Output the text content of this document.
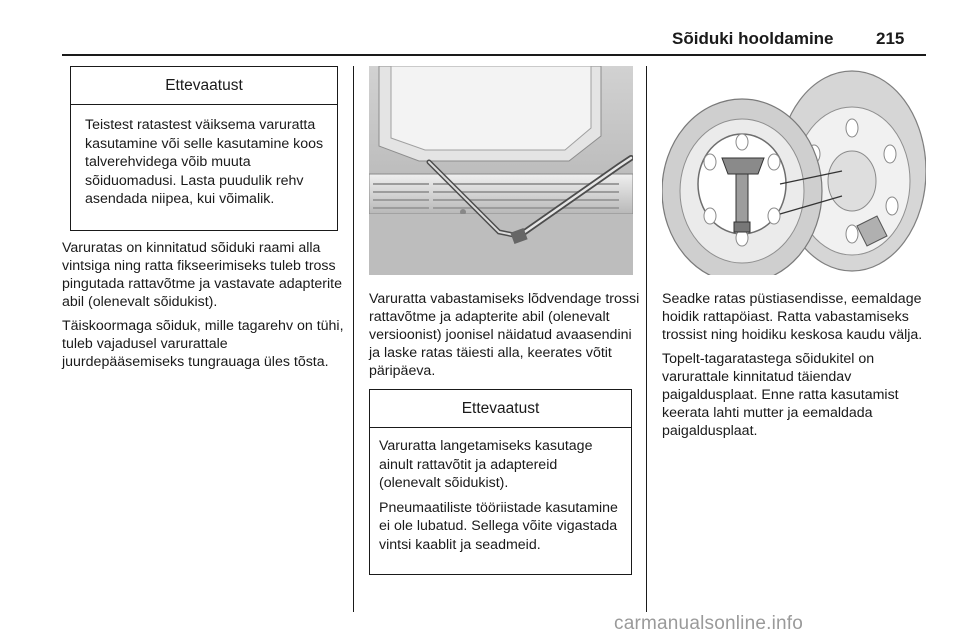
Sõiduki hooldamine 215
Ettevaatust

Teistest ratastest väiksema varuratta kasutamine või selle kasutamine koos talverehvidega võib muuta sõiduomadusi. Lasta puudulik rehv asendada niipea, kui võimalik.

Varuratas on kinnitatud sõiduki raami alla vintsiga ning ratta fikseerimiseks tuleb tross pingutada rattavõtme ja vastavate adapterite abil (olenevalt sõidukist).

Täiskoormaga sõiduk, mille tagarehv on tühi, tuleb vajadusel varurattale juurdepääsemiseks tungrauaga üles tõsta.

Varuratta vabastamiseks lõdvendage trossi rattavõtme ja adapterite abil (olenevalt versioonist) joonisel näidatud avaasendini ja laske ratas täiesti alla, keerates võtit päripäeva.

Ettevaatust

Varuratta langetamiseks kasutage ainult rattavõtit ja adaptereid (olenevalt sõidukist).

Pneumaatiliste tööriistade kasutamine ei ole lubatud. Sellega võite vigastada vintsi kaablit ja seadmeid.

Seadke ratas püstiasendisse, eemaldage hoidik rattapöiast. Ratta vabastamiseks trossist ning hoidiku keskosa kaudu välja.

Topelt-tagaratastega sõidukitel on varurattale kinnitatud täiendav paigaldusplaat. Enne ratta kasutamist keerata lahti mutter ja eemaldada paigaldusplaat.

carmanualsonline.info
